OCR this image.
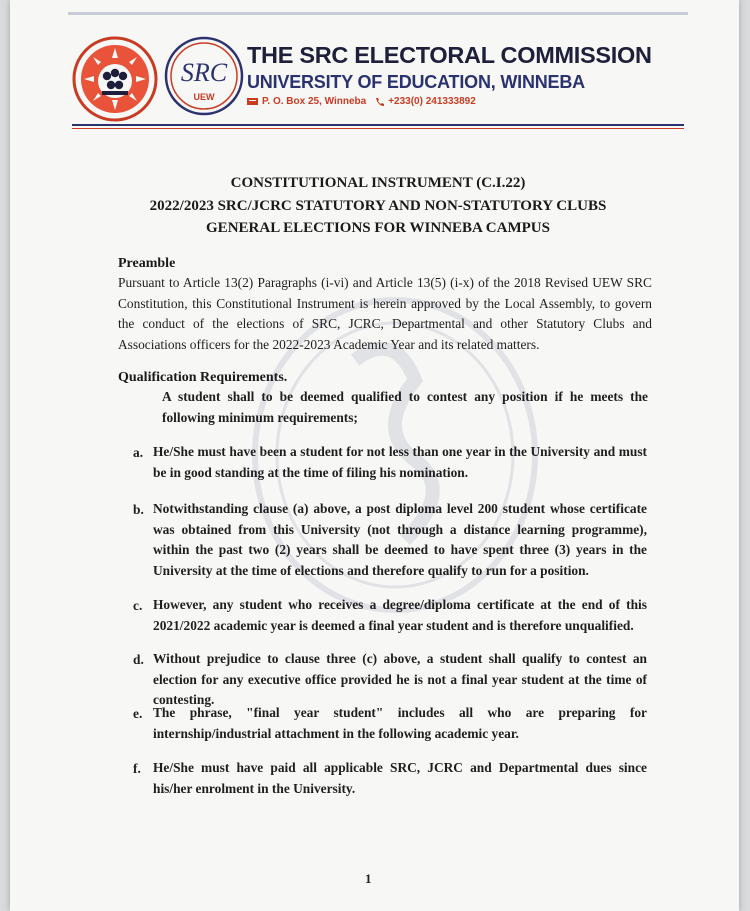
SRC
UEW
THE SRC ELECTORAL COMMISSION
UNIVERSITY OF EDUCATION, WINNEBA
P. O. Box 25, Winneba +233(0) 241333892
CONSTITUTIONAL INSTRUMENT (C.I.22)
2022/2023 SRC/JCRC STATUTORY AND NON-STATUTORY CLUBS
GENERAL ELECTIONS FOR WINNEBA CAMPUS
Preamble
Pursuant to Article 13(2) Paragraphs (i-vi) and Article 13(5) (i-x) of the 2018 Revised UEW SRC Constitution, this Constitutional Instrument is herein approved by the Local Assembly, to govern the conduct of the elections of SRC, JCRC, Departmental and other Statutory Clubs and Associations officers for the 2022-2023 Academic Year and its related matters.
Qualification Requirements.
A student shall to be deemed qualified to contest any position if he meets the following minimum requirements;
a. He/She must have been a student for not less than one year in the University and must be in good standing at the time of filing his nomination.
b. Notwithstanding clause (a) above, a post diploma level 200 student whose certificate was obtained from this University (not through a distance learning programme), within the past two (2) years shall be deemed to have spent three (3) years in the University at the time of elections and therefore qualify to run for a position.
c. However, any student who receives a degree/diploma certificate at the end of this 2021/2022 academic year is deemed a final year student and is therefore unqualified.
d. Without prejudice to clause three (c) above, a student shall qualify to contest an election for any executive office provided he is not a final year student at the time of contesting.
e. The phrase, "final year student" includes all who are preparing for internship/industrial attachment in the following academic year.
f. He/She must have paid all applicable SRC, JCRC and Departmental dues since his/her enrolment in the University.
1
